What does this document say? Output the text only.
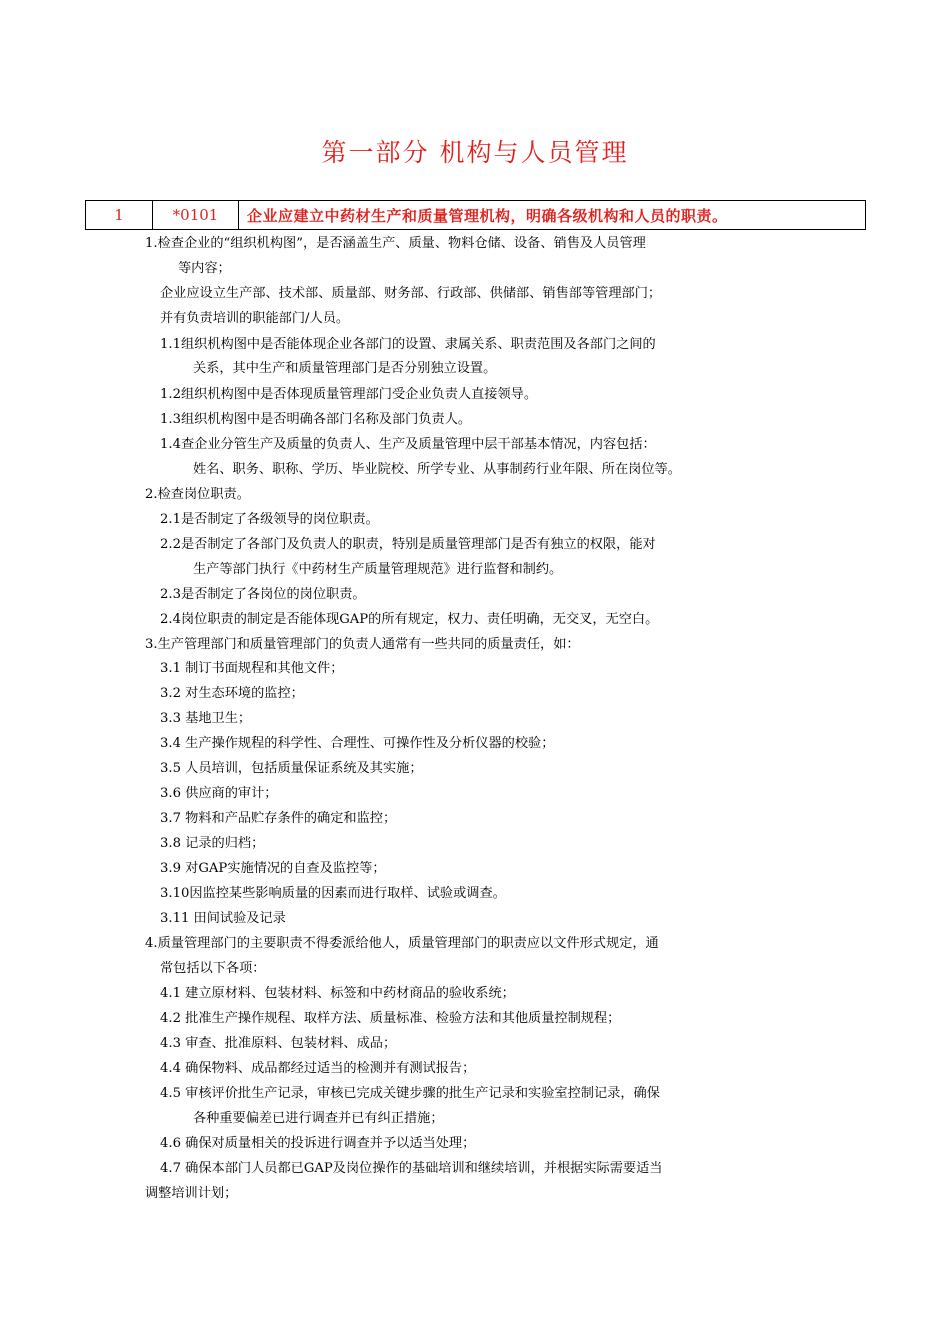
第一部分 机构与人员管理
1	*0101	企业应建立中药材生产和质量管理机构，明确各级机构和人员的职责。
1.检查企业的“组织机构图”，是否涵盖生产、质量、物料仓储、设备、销售及人员管理
等内容；
企业应设立生产部、技术部、质量部、财务部、行政部、供储部、销售部等管理部门；
并有负责培训的职能部门/人员。
1.1组织机构图中是否能体现企业各部门的设置、隶属关系、职责范围及各部门之间的
关系，其中生产和质量管理部门是否分别独立设置。
1.2组织机构图中是否体现质量管理部门受企业负责人直接领导。
1.3组织机构图中是否明确各部门名称及部门负责人。
1.4查企业分管生产及质量的负责人、生产及质量管理中层干部基本情况，内容包括：
姓名、职务、职称、学历、毕业院校、所学专业、从事制药行业年限、所在岗位等。
2.检查岗位职责。
2.1是否制定了各级领导的岗位职责。
2.2是否制定了各部门及负责人的职责，特别是质量管理部门是否有独立的权限，能对
生产等部门执行《中药材生产质量管理规范》进行监督和制约。
2.3是否制定了各岗位的岗位职责。
2.4岗位职责的制定是否能体现GAP的所有规定，权力、责任明确，无交叉，无空白。
3.生产管理部门和质量管理部门的负责人通常有一些共同的质量责任，如：
3.1 制订书面规程和其他文件；
3.2 对生态环境的监控；
3.3 基地卫生；
3.4 生产操作规程的科学性、合理性、可操作性及分析仪器的校验；
3.5 人员培训，包括质量保证系统及其实施；
3.6 供应商的审计；
3.7 物料和产品贮存条件的确定和监控；
3.8 记录的归档；
3.9 对GAP实施情况的自查及监控等；
3.10因监控某些影响质量的因素而进行取样、试验或调查。
3.11 田间试验及记录
4.质量管理部门的主要职责不得委派给他人，质量管理部门的职责应以文件形式规定，通
常包括以下各项：
4.1 建立原材料、包装材料、标签和中药材商品的验收系统；
4.2 批准生产操作规程、取样方法、质量标准、检验方法和其他质量控制规程；
4.3 审查、批准原料、包装材料、成品；
4.4 确保物料、成品都经过适当的检测并有测试报告；
4.5 审核评价批生产记录，审核已完成关键步骤的批生产记录和实验室控制记录，确保
各种重要偏差已进行调查并已有纠正措施；
4.6 确保对质量相关的投诉进行调查并予以适当处理；
4.7 确保本部门人员都已GAP及岗位操作的基础培训和继续培训，并根据实际需要适当
调整培训计划；
